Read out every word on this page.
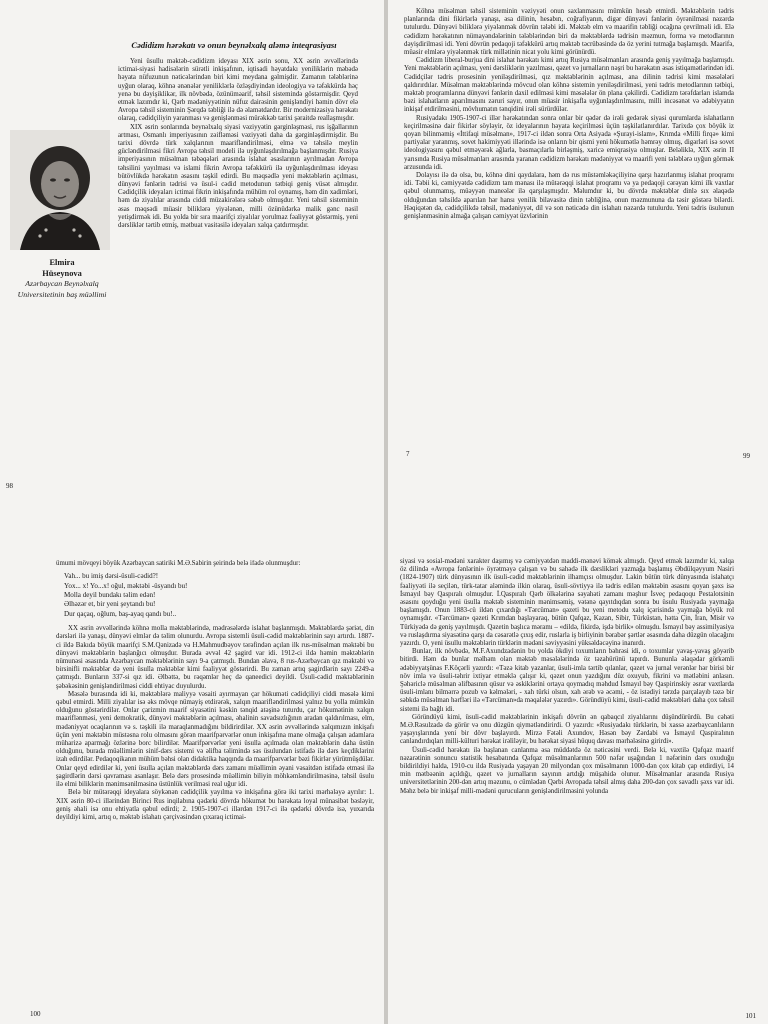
Cədidizm hərəkatı və onun beynəlxalq aləmə inteqrasiyası
Elmira
Hüseynova
Azərbaycan Beynəlxalq Universitetinin baş müəllimi

Yeni üsullu məktəb-cədidizm ideyası XIX əsrin sonu, XX əsrin əvvəllərində ictimai-siyasi hadisələrin sürətli inkişafının, iqtisadi həyatdakı yeniliklərin məbədə həyata nüfuzunun nəticələrindən biri kimi meydana gəlmişdir. Zamanın tələblərinə uyğun olaraq, köhnə ənənələr yeniliklərlə özləşdiyindən ideologiya və təfəkkürdə həç yenə bu dəyişiklikər, ilk növbədə, özünüməarif, təhsil sistemində göstərmişdir. Qeyd etmək lazımdır ki, Qərb mədəniyyətinin nüfuz dairəsinin genişləndiyi həmin dövr elə Avropa təhsil sisteminin Şərqdə təbliği ilə də əlamətdardır. Bir modernizasiya hərəkatı olaraq, cədidçiliyin yaranması və genişlənməsi mürəkkəb tarixi şəraitdə reallaşmışdır.

XIX əsrin sonlarında beynəlxalq siyasi vəziyyətin gərginləşməsi, rus işğallarının artması, Osmanlı imperiyasının zəifləməsi vəziyyəti daha da gərginləşdirmişdir. Bu tarixi dövrdə türk xalqlarının maarifləndirilməsi, elmə və təhsilə meylin gücləndirilməsi fikri Avropa təhsil modeli ilə uyğunlaşdırılmağa başlanmışdır. Rusiya imperiyasının müsəlman təbəqələri arasında islahat əsaslarının ayrılmadan Avropa təhsilini yayılması və islami fikrin Avropa təfəkkürü ilə uyğunlaşdırılması ideyası bütövlükdə hərəkatın əsasını təşkil edirdi. Bu məqsədlə yeni məktəblərin açılması, dünyəvi fənlərin tədrisi və üsul-i cədid metodunun tətbiqi geniş vüsət almışdır. Cədidçilik ideyaları ictimai fikrin inkişafında mühüm rol oynamış, həm din xadimləri, həm də ziyalılar arasında ciddi müzakirələrə səbəb olmuşdur. Yeni təhsil sisteminin əsas məqsədi müasir biliklərə yiyələnən, milli özünüdərkə malik gənc nəsil yetişdirmək idi. Bu yolda bir sıra maarifçi ziyalılar yorulmaz fəaliyyət göstərmiş, yeni dərsliklər tərtib etmiş, mətbuat vasitəsilə ideyaları xalqa çatdırmışdır.

98

Köhnə müsəlman təhsil sisteminin vəziyyəti onun saxlanmasını mümkün hesab etmirdi. Məktəblərin tədris planlarında dini fikirlərlə yanaşı, əsa dilinin, hesabın, coğrafiyanın, digər dünyəvi fənlərin öyrənilməsi nəzərdə tutulurdu. Dünyəvi biliklərə yiyələnmək dövrün tələbi idi. Məktəb elm və maarifin təbliği ocağına çevrilməli idi. Elə cədidizm hərəkatının nümayəndələrinin tələblərindən biri də məktəblərdə tədrisin məzmun, forma və metodlarının dəyişdirilməsi idi. Yeni dövrün pedaqoji təfəkkürü artıq məktəb təcrübəsində də öz yerini tutmağa başlamışdı. Maarifə, müasir elmlərə yiyələnmək türk millətinin nicat yolu kimi görünürdü.

Cədidizm liberal-burjua dini islahat hərəkatı kimi artıq Rusiya müsəlmanları arasında geniş yayılmağa başlamışdı. Yeni məktəblərin açılması, yeni dərsliklərin yazılması, qəzet və jurnalların nəşri bu hərəkatın əsas istiqamətlərindən idi. Cədidçilər tədris prosesinin yeniləşdirilməsi, qız məktəblərinin açılması, ana dilinin tədrisi kimi məsələləri qaldırırdılar. Müsəlman məktəblərində mövcud olan köhnə sistemin yeniləşdirilməsi, yeni tədris metodlarının tətbiqi, məktəb proqramlarına dünyəvi fənlərin daxil edilməsi kimi məsələlər ön plana çəkilirdi. Cədidizm tərəfdarları islamda bəzi islahatların aparılmasını zəruri sayır, onun müasir inkişafla uyğunlaşdırılmasını, milli incəsənət və ədəbiyyatın inkişaf etdirilməsini, mövhumatın tənqidini irəli sürürdülər.

Rusiyadakı 1905-1907-ci illər hərəkatından sonra onlar bir qədər də irəli gedərək siyasi qurumlarda islahatların keçirilməsinə dair fikirlər söyləyir, öz ideyalarının həyata keçirilməsi üçün təşkilatlanırdılar. Tarixdə çox böyük iz qoyan bilinməmiş «İttifaqi müsəlman», 1917-ci ildən sonra Orta Asiyada «Şurayi-islam», Krımda «Milli firqə» kimi partiyalar yaranmış, sovet hakimiyyəti illərində isə onların bir qismi yeni hökumətlə həmrəy olmuş, digərləri isə sovet ideologiyasını qəbul etməyərək ağlarla, basmaçılarla birləşmiş, xaricə emiqrasiya olmuşlar. Beləliklə, XIX əsrin II yarısında Rusiya müsəlmanları arasında yaranan cədidizm hərəkatı mədəniyyət və maarifi yeni tələblərə uyğun görmək arzusunda idi.

Dolayısı ilə də olsa, bu, köhnə dini qaydalara, həm də rus müstəmləkəçiliyinə qarşı hazırlanmış islahat proqramı idi. Təbii ki, cəmiyyətdə cədidizm tam mənası ilə mütərəqqi islahat proqramı və ya pedaqoji cərəyan kimi ilk vaxtlar qəbul olunmamış, müəyyən maneələr ilə qarşılaşmışdır. Məlumdur ki, bu dövrdə məktəblər dinlə sıx əlaqədə olduğundan təhsildə aparılan hər hansı yenilik bilavasitə dinin təbliğinə, onun məzmununa da təsir göstərə bilərdi. Həqiqətən də, cədidçilikdə təhsil, mədəniyyət, dil və son nəticədə din islahatı nəzərdə tutulurdu. Yeni tədris üsulunun genişlənməsinin almağa çalışan cəmiyyət üzvlərinin

7	99

ümumi mövqeyi böyük Azərbaycan satiriki M.Ə.Sabirin şeirində belə ifadə olunmuşdur:

Vah... bu imiş dərsi-üsuli-cədid?!
Yox... x! Yo...x! oğul, məktəbi -üsyandı bu!
Molla deyil bundakı təlim edən!
Əlhəzər et, bir yeni şeytandı bu!
Dur qaçaq, oğlum, baş-ayaq qandı bu!..

XX əsrin əvvəllərində köhnə molla məktəblərində, mədrəsələrdə islahat başlanmışdı. Məktəblərdə şəriət, din dərsləri ilə yanaşı, dünyəvi elmlər də təlim olunurdu. Avropa sistemli üsuli-cədid məktəblərinin sayı artırdı. 1887-ci ildə Bakıda böyük maarifçi S.M.Qənizadə və H.Mahmudbəyov tərəfindən açılan ilk rus-müsəlman məktəbi bu dünyəvi məktəblərin başlanğıcı olmuşdur. Burada əvvəl 42 şagird var idi. 1912-ci ildə həmin məktəblərin nümunəsi əsasında Azərbaycan məktəblərinin sayı 9-a çatmışdı. Bundan əlavə, 8 rus-Azərbaycan qız məktəbi və birsinifli məktəblər də yeni üsulla məktəblər kimi fəaliyyət göstərirdi. Bu zaman artıq şagirdlərin sayı 2249-a çatmışdı. Bunların 337-si qız idi. Əlbəttə, bu rəqəmlər heç də qaneedici deyildi. Üsuli-cədid məktəblərinin şəbəkəsinin genişləndirilməsi ciddi ehtiyac duyulurdu.

Məsələ burasında idi ki, məktəblərə maliyyə vəsaiti ayırmayan çar hökuməti cədidçiliyi ciddi məsələ kimi qəbul etmirdi. Milli ziyalılar isə əks mövqe nümayiş etdirərək, xalqın maarifləndirilməsi yalnız bu yolla mümkün olduğunu göstərirdilər. Onlar çarizmin maarif siyasətini kəskin tənqid atəşinə tuturdu, çar hökumətinin xalqın maariflənməsi, yeni demokratik, dünyəvi məktəblərin açılması, əhalinin savadsızlığının aradan qaldırılması, elm, mədəniyyət ocaqlarının və s. təşkili ilə maraqlanmadığını bildirirdilər. XX əsrin əvvəllərində xalqımızın inkişafı üçün yeni məktəbin müstəsna rolu olmasını görən maarifpərvərlər onun inkişafına mane olmağa çalışan adamlara müharizə aparmağı özlərinə borc bilirdilər. Maarifpərvərlər yeni üsulla açılmada olan məktəblərin daha üstün olduğunu, burada müəllimlərin sinif-dərs sistemi və əlifba təlimində səs üsulundan istifadə ilə dərs keçdiklərini izah edirdilər. Pedaqoqikanın mühüm bəhsi olan didaktika haqqında da maarifpərvərlər bəzi fikirlər yürütmüşdülər. Onlar qeyd edirdilər ki, yeni üsulla açılan məktəblərdə dərs zamanı müəllimin əyani vəsaitdən istifadə etməsi ilə şagirdlərin dərsi qavraması asanlaşır. Belə dərs prosesində müəllimin biliyin möhkəmləndirilməsinə, təhsil üsulu ilə elmi biliklərin mənimsənilməsinə üstünlük verilməsi real uğur idi.

Belə bir mütərəqqi ideyalara söykənən cədidçilik yayılma və inkişafına görə iki tarixi mərhələyə ayrılır: 1. XIX əsrin 80-ci illərindən Birinci Rus inqilabına qədərki dövrdə hökumət bu hərəkata loyal münasibət bəsləyir, geniş əhali isə onu ehtiyatla qəbul edirdi; 2. 1905-1907-ci illərdən 1917-ci ilə qədərki dövrdə isə, yuxarıda deyildiyi kimi, artıq o, məktəb islahatı çərçivəsindən çıxaraq ictimai-

100

siyasi və sosial-mədəni xarakter daşımış və cəmiyyətdən maddi-mənəvi kömək almışdı. Qeyd etmək lazımdır ki, xalqa öz dilində «Avropa fənlərini» öyrətməyə çalışan və bu sahədə ilk dərslikləri yazmağa başlamış Əbdülqəyyum Nasiri (1824-1907) türk dünyasının ilk üsuli-cədid məktəblərinin ilhamçısı olmuşdur. Lakin bütün türk dünyasında islahatçı fəaliyyəti ilə seçilən, türk-tatar aləmində ilkin olaraq, üsuli-sövtiyyə ilə tədris edilən məktəbin əsasını qoyan şəxs isə İsmayıl bəy Qaspıralı olmuşdur. İ.Qaspıralı Qərb ölkələrinə səyahəti zamanı məşhur İsveç pedaqoqu Pestalotsinin əsasını qoyduğu yeni üsulla məktəb sisteminin mənimsəmiş, vətənə qayıtdıqdan sonra bu üsulu Rusiyada yaymağa başlamışdı. Onun 1883-cü ildən çıxardığı «Tərcüman» qəzeti bu yeni metodu xalq içərisində yaymağa böyük rol oynamışdır. «Tərcüman» qəzeti Krımdan başlayaraq, bütün Qafqaz, Kazan, Sibir, Türküstan, hətta Çin, İran, Misir və Türkiyədə də geniş yayılmışdı. Qəzetin başlıca məramı – «dildə, fikirdə, işdə birlik» olmuşdu. İsmayıl bəy assimilyasiya və ruslaşdırma siyasətinə qarşı da cəsarətlə çıxış edir, ruslarla iş birliyinin bərabər şərtlər əsasında daha düzgün olacağını yazırdı. O, yeni üsullu məktəblərin türklərin mədəni səviyyəsini yüksəldəcəyinə inanırdı.

Bunlar, ilk növbədə, M.F.Axundzadənin bu yolda ökdiyi toxumların bəhrəsi idi, o toxumlar yavaş-yavaş göyərib bitirdi. Həm də bunlar məlhəm olan məktəb məsələlərində öz təzahürünü tapırdı. Bununla əlaqədar görkəmli ədəbiyyatşünas F.Köçərli yazırdı: «Təzə kitab yazanlar, üsuli-imla tərtib qılanlar, qəzet və jurnal verənlər hər birisi bir növ imla və üsuli-təhrir ixtiyar etməklə çalışır ki, qəzet onun yazdığını düz oxuyub, fikrini və mətləbini anlasın. Şəhəriclə müsəlman əlifbasının qüsur və əskiklərini ortaya qoymadıq məhdud İsmayıl bəy Qaspirinskiy əsrar vaxtlarda üsuli-imlanı bilmərrə pozub və kəlmələri, - xah türki olsun, xah ərəb və əcəmi, - öz istədiyi tərzdə parçalayıb təzə bir səbkdə müsəlman hərfləri ilə «Tərcüman»da məqalələr yazırdı». Göründüyü kimi, üsuli-cədid məktəbləri daha çox təhsil sistemi ilə bağlı idi.

Göründüyü kimi, üsuli-cədid məktəblərinin inkişafı dövrün ən qabaqcıl ziyalılarını düşündürürdü. Bu cəhəti M.Ə.Rəsulzadə də görür və onu düzgün qiymətləndirirdi. O yazırdı: «Rusiyadakı türklərin, bi xassə azərbaycanlıların yaşayışlarında yeni bir dövr başlayırdı. Mirzə Fətəli Axundov, Həsən bəy Zərdabi və İsmayıl Qaspiralının canlandırdıqları milli-külturi hərəkat irəliləyir, bu hərəkat siyasi hüquq davası mərhələsinə girirdi».

Üsuli-cədid hərəkatı ilə başlanan canlanma əsa müddətdə öz nəticəsini verdi. Belə ki, vaxtilə Qafqaz maarif nəzarətinin sonuncu statistik hesabatında Qafqaz müsəlmanlarının 500 nəfər uşağından 1 nəfərinin dərs oxuduğu bildirildiyi halda, 1910-cu ildə Rusiyada yaşayan 20 milyondan çox müsəlmanın 1000-dən çox kitab çap etdirdiyi, 14 min mətbəənin açıldığı, qəzet və jurnalların sayının artdığı müşahidə olunur. Müsəlmanlar arasında Rusiya universitetlərinin 200-dən artıq məzunu, o cümlədən Qərbi Avropada təhsil almış daha 200-dən çox savadlı şəxs var idi. Məhz belə bir inkişaf milli-mədəni qurucuların genişləndirilməsini yolunda

101
